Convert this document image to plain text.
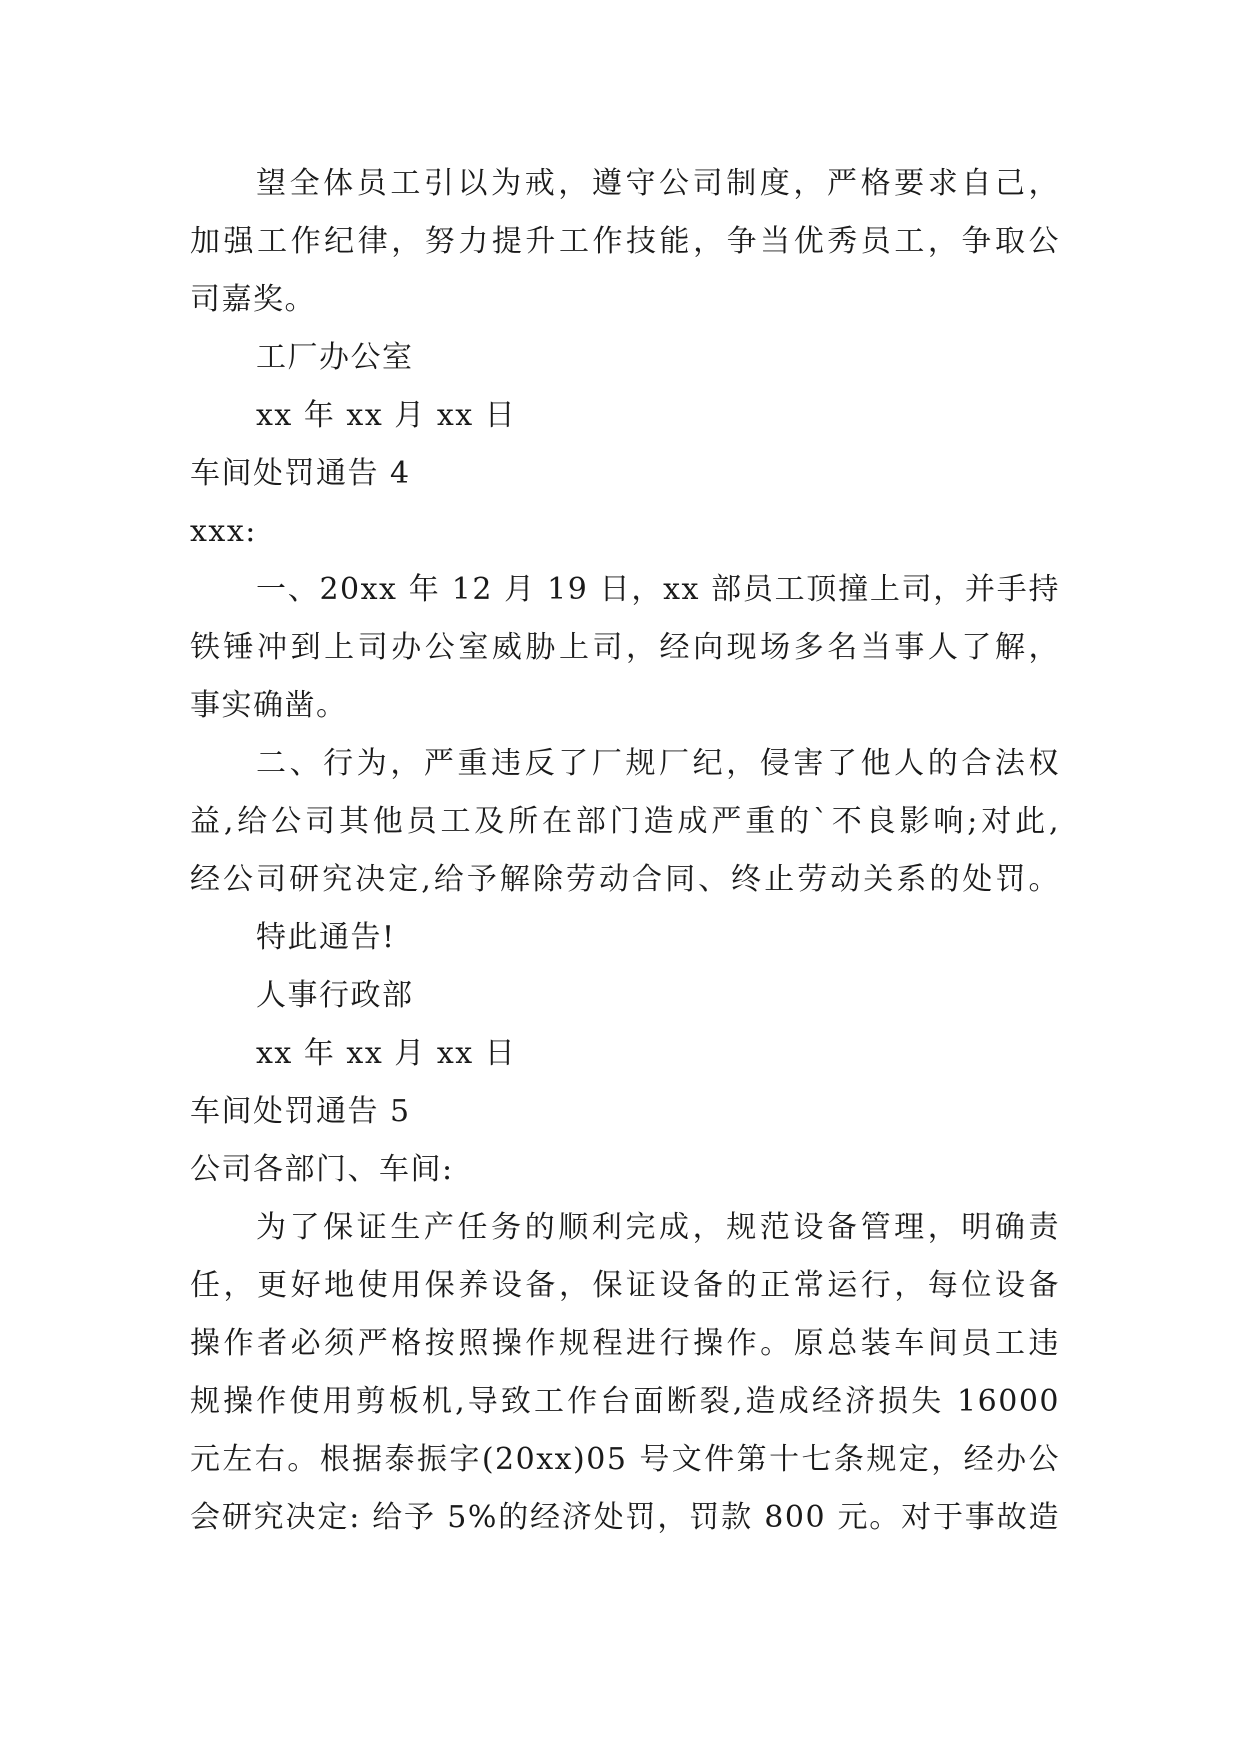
望全体员工引以为戒，遵守公司制度，严格要求自己，
加强工作纪律，努力提升工作技能，争当优秀员工，争取公
司嘉奖。
工厂办公室
xx 年 xx 月 xx 日
车间处罚通告 4
xxx:
一、20xx 年 12 月 19 日，xx 部员工顶撞上司，并手持
铁锤冲到上司办公室威胁上司，经向现场多名当事人了解，
事实确凿。
二、行为，严重违反了厂规厂纪，侵害了他人的合法权
益,给公司其他员工及所在部门造成严重的`不良影响;对此,
经公司研究决定,给予解除劳动合同、终止劳动关系的处罚。
特此通告!
人事行政部
xx 年 xx 月 xx 日
车间处罚通告 5
公司各部门、车间:
为了保证生产任务的顺利完成，规范设备管理，明确责
任，更好地使用保养设备，保证设备的正常运行，每位设备
操作者必须严格按照操作规程进行操作。原总装车间员工违
规操作使用剪板机,导致工作台面断裂,造成经济损失 16000
元左右。根据泰振字(20xx)05 号文件第十七条规定，经办公
会研究决定: 给予 5%的经济处罚，罚款 800 元。对于事故造
